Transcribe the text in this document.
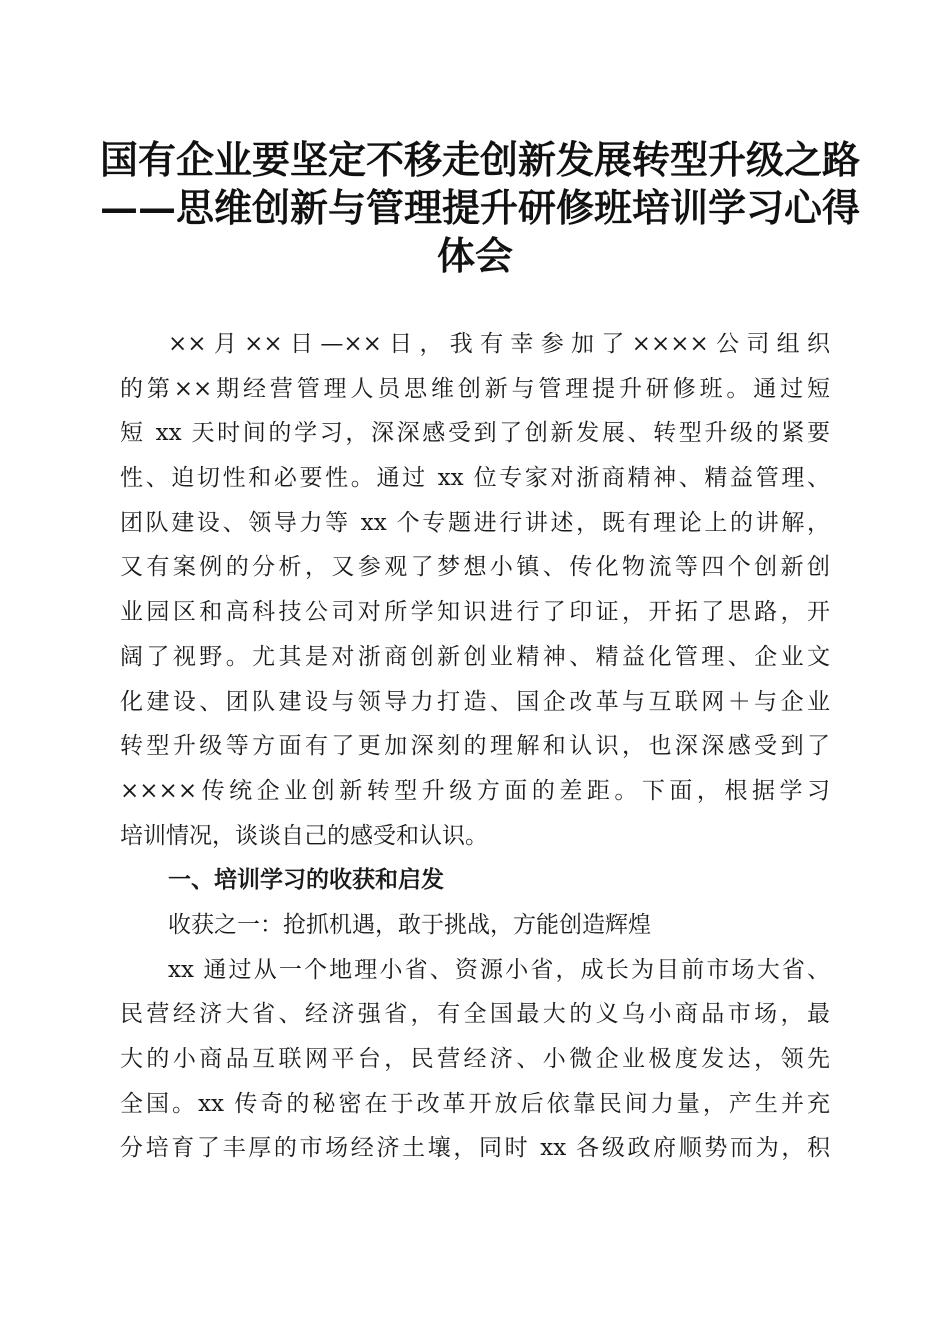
国有企业要坚定不移走创新发展转型升级之路
——思维创新与管理提升研修班培训学习心得
体会
××月××日—××日，我有幸参加了××××公司组织
的第××期经营管理人员思维创新与管理提升研修班。通过短
短 xx 天时间的学习，深深感受到了创新发展、转型升级的紧要
性、迫切性和必要性。通过 xx 位专家对浙商精神、精益管理、
团队建设、领导力等 xx 个专题进行讲述，既有理论上的讲解，
又有案例的分析，又参观了梦想小镇、传化物流等四个创新创
业园区和高科技公司对所学知识进行了印证，开拓了思路，开
阔了视野。尤其是对浙商创新创业精神、精益化管理、企业文
化建设、团队建设与领导力打造、国企改革与互联网＋与企业
转型升级等方面有了更加深刻的理解和认识，也深深感受到了
××××传统企业创新转型升级方面的差距。下面，根据学习
培训情况，谈谈自己的感受和认识。
一、培训学习的收获和启发
收获之一：抢抓机遇，敢于挑战，方能创造辉煌
xx 通过从一个地理小省、资源小省，成长为目前市场大省、
民营经济大省、经济强省，有全国最大的义乌小商品市场，最
大的小商品互联网平台，民营经济、小微企业极度发达，领先
全国。xx 传奇的秘密在于改革开放后依靠民间力量，产生并充
分培育了丰厚的市场经济土壤，同时 xx 各级政府顺势而为，积
